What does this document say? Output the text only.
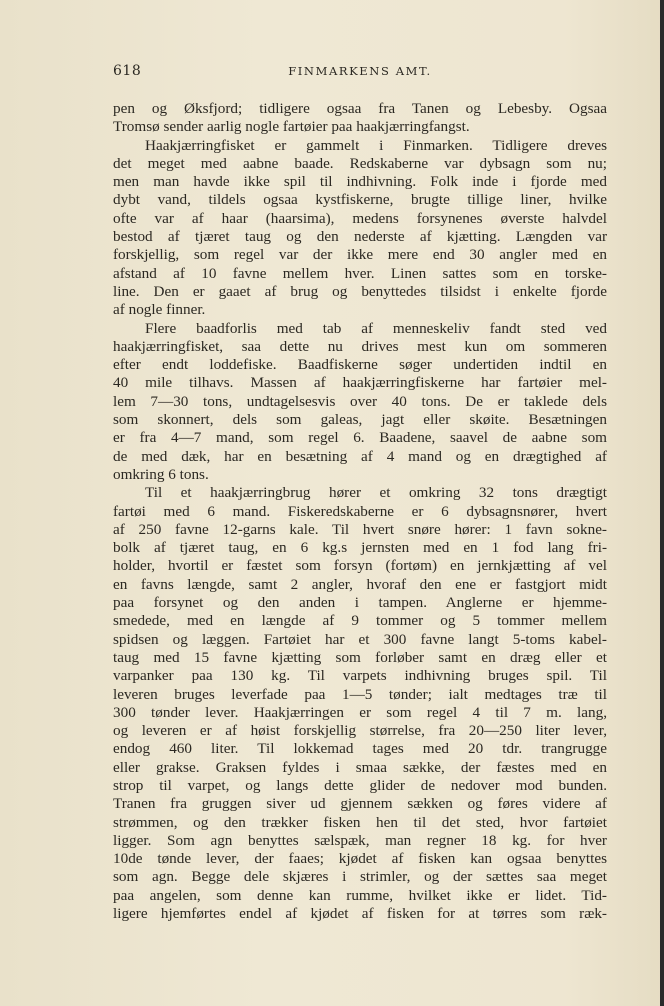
618	FINMARKENS AMT.
pen og Øksfjord; tidligere ogsaa fra Tanen og Lebesby. Ogsaa
Tromsø sender aarlig nogle fartøier paa haakjærringfangst.
Haakjærringfisket er gammelt i Finmarken. Tidligere dreves
det meget med aabne baade. Redskaberne var dybsagn som nu;
men man havde ikke spil til indhivning. Folk inde i fjorde med
dybt vand, tildels ogsaa kystfiskerne, brugte tillige liner, hvilke
ofte var af haar (haarsima), medens forsynenes øverste halvdel
bestod af tjæret taug og den nederste af kjætting. Længden var
forskjellig, som regel var der ikke mere end 30 angler med en
afstand af 10 favne mellem hver. Linen sattes som en torske-
line. Den er gaaet af brug og benyttedes tilsidst i enkelte fjorde
af nogle finner.
Flere baadforlis med tab af menneskeliv fandt sted ved
haakjærringfisket, saa dette nu drives mest kun om sommeren
efter endt loddefiske. Baadfiskerne søger undertiden indtil en
40 mile tilhavs. Massen af haakjærringfiskerne har fartøier mel-
lem 7—30 tons, undtagelsesvis over 40 tons. De er taklede dels
som skonnert, dels som galeas, jagt eller skøite. Besætningen
er fra 4—7 mand, som regel 6. Baadene, saavel de aabne som
de med dæk, har en besætning af 4 mand og en drægtighed af
omkring 6 tons.
Til et haakjærringbrug hører et omkring 32 tons drægtigt
fartøi med 6 mand. Fiskeredskaberne er 6 dybsagnsnører, hvert
af 250 favne 12-garns kale. Til hvert snøre hører: 1 favn sokne-
bolk af tjæret taug, en 6 kg.s jernsten med en 1 fod lang fri-
holder, hvortil er fæstet som forsyn (fortøm) en jernkjætting af vel
en favns længde, samt 2 angler, hvoraf den ene er fastgjort midt
paa forsynet og den anden i tampen. Anglerne er hjemme-
smedede, med en længde af 9 tommer og 5 tommer mellem
spidsen og læggen. Fartøiet har et 300 favne langt 5-toms kabel-
taug med 15 favne kjætting som forløber samt en dræg eller et
varpanker paa 130 kg. Til varpets indhivning bruges spil. Til
leveren bruges leverfade paa 1—5 tønder; ialt medtages træ til
300 tønder lever. Haakjærringen er som regel 4 til 7 m. lang,
og leveren er af høist forskjellig størrelse, fra 20—250 liter lever,
endog 460 liter. Til lokkemad tages med 20 tdr. trangrugge
eller grakse. Graksen fyldes i smaa sække, der fæstes med en
strop til varpet, og langs dette glider de nedover mod bunden.
Tranen fra gruggen siver ud gjennem sækken og føres videre af
strømmen, og den trækker fisken hen til det sted, hvor fartøiet
ligger. Som agn benyttes sælspæk, man regner 18 kg. for hver
10de tønde lever, der faaes; kjødet af fisken kan ogsaa benyttes
som agn. Begge dele skjæres i strimler, og der sættes saa meget
paa angelen, som denne kan rumme, hvilket ikke er lidet. Tid-
ligere hjemførtes endel af kjødet af fisken for at tørres som ræk-
